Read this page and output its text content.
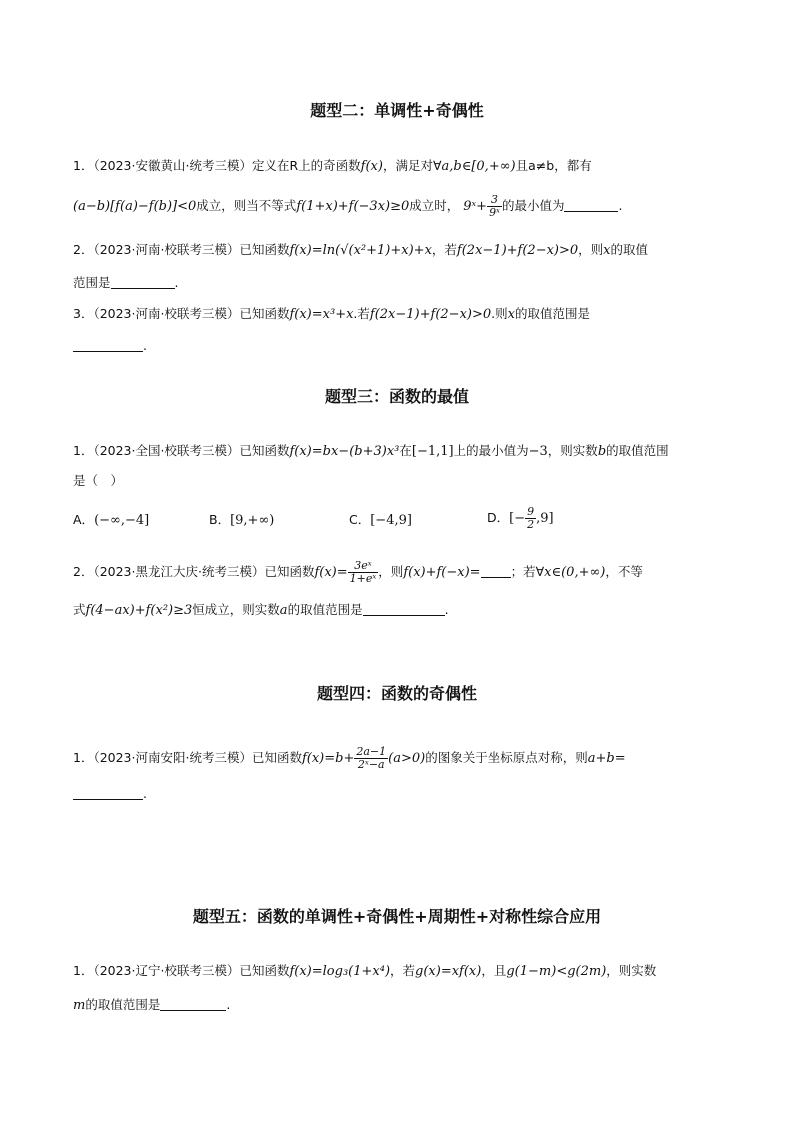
题型二：单调性+奇偶性
1．（2023·安徽黄山·统考三模）定义在R上的奇函数f(x)，满足对∀a,b∈[0,+∞)且a≠b，都有
(a−b)[f(a)−f(b)]<0成立，则当不等式f(1+x)+f(−3x)≥0成立时， 9ˣ+ $\frac{3}{\text{9ˣ}}$ 的最小值为	.
2．（2023·河南·校联考三模）已知函数f(x)=ln(√(x²+1)+x)+x，若f(2x−1)+f(2−x)>0，则x的取值
范围是	.
3．（2023·河南·校联考三模）已知函数f(x)=x³+x.若f(2x−1)+f(2−x)>0.则x的取值范围是
.
题型三：函数的最值
1．（2023·全国·校联考三模）已知函数f(x)=bx−(b+3)x³在[−1,1]上的最小值为−3，则实数b的取值范围
是（　）
A．(−∞,−4]	B．[9,+∞)	C．[−4,9]	D．[− $\frac{9}{2} ,9$]
2．（2023·黑龙江大庆·统考三模）已知函数$f(x)= \frac{\text{3eˣ}}{\text{1+eˣ}}$ ，则f(x)+f(−x)= ；若∀x∈(0,+∞)，不等
式f(4−ax)+f(x²)≥3恒成立，则实数a的取值范围是	.
题型四：函数的奇偶性
1．（2023·河南安阳·统考三模）已知函数$f(x)=b+ \frac{2a-1}{\text{2ˣ−a}} (a>0)$的图象关于坐标原点对称，则a+b=
.
题型五：函数的单调性+奇偶性+周期性+对称性综合应用
1．（2023·辽宁·校联考三模）已知函数f(x)=log₃(1+x⁴)，若g(x)=xf(x)，且g(1−m)<g(2m)，则实数
m的取值范围是	.
